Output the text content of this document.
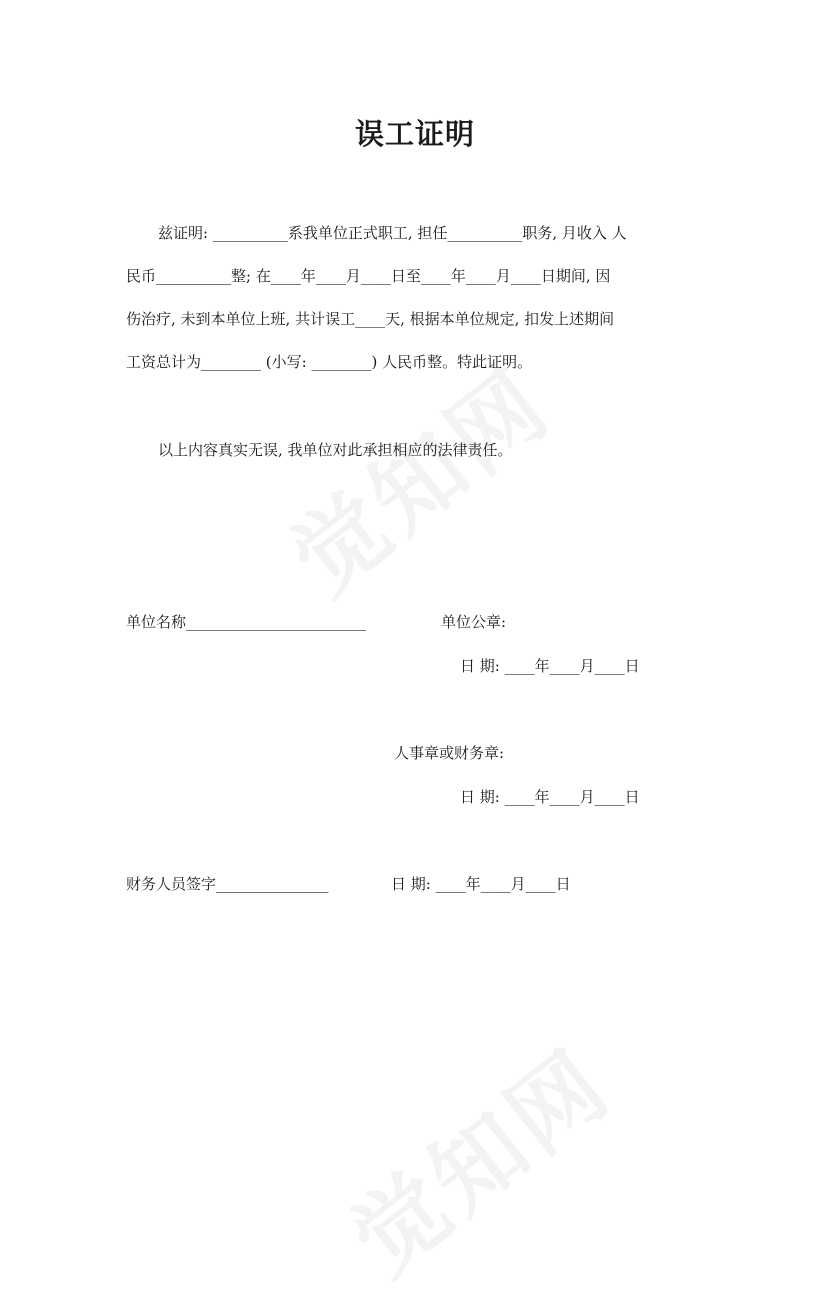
误工证明
兹证明: __________系我单位正式职工, 担任__________职务, 月收入 人
民币__________整; 在____年____月____日至____年____月____日期间, 因
伤治疗, 未到本单位上班, 共计误工____天, 根据本单位规定, 扣发上述期间
工资总计为________ (小写: ________) 人民币整。特此证明。
以上内容真实无误, 我单位对此承担相应的法律责任。
单位名称________________________	单位公章:
日 期: ____年____月____日
人事章或财务章:
日 期: ____年____月____日
财务人员签字_______________	日 期: ____年____月____日
